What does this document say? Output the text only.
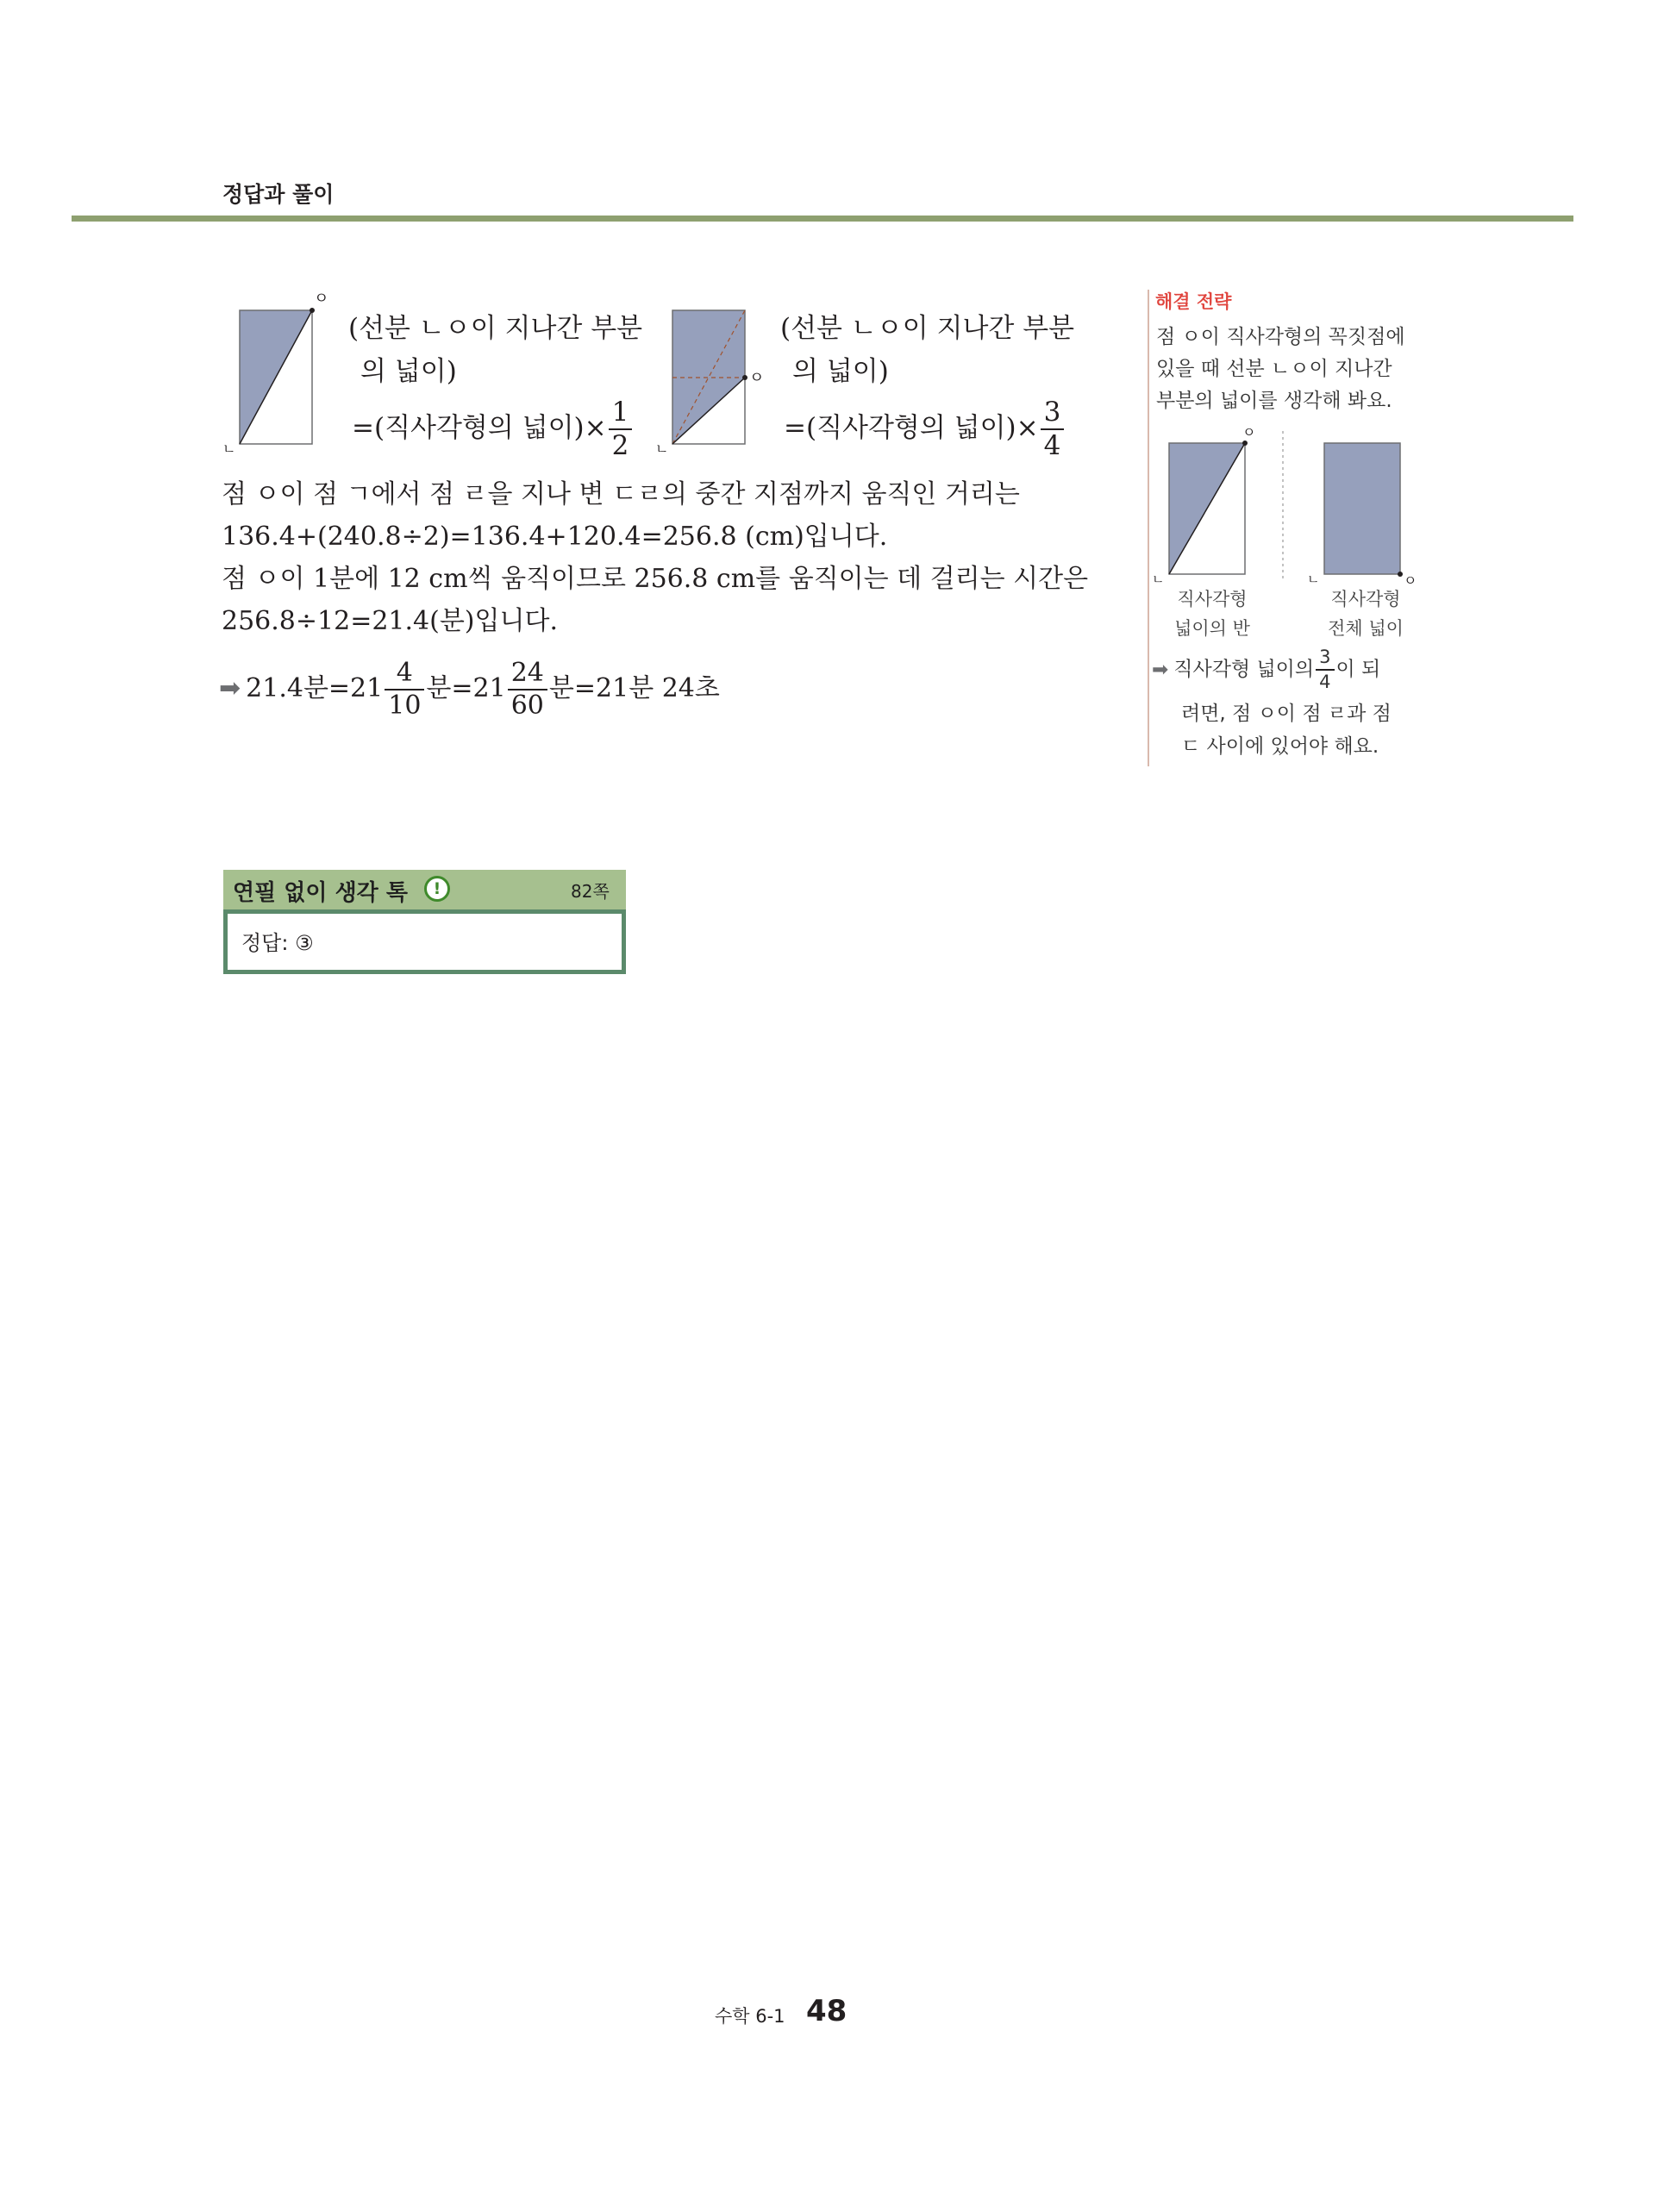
정답과 풀이
ㅇ
ㄴ
(선분 ㄴㅇ이 지나간 부분
의 넓이)
=(직사각형의 넓이)× $\frac{1}{2}$
ㅇ
ㄴ
(선분 ㄴㅇ이 지나간 부분
의 넓이)
=(직사각형의 넓이)× $\frac{3}{4}$
점 ㅇ이 점 ㄱ에서 점 ㄹ을 지나 변 ㄷㄹ의 중간 지점까지 움직인 거리는
136.4+(240.8÷2)=136.4+120.4=256.8 (cm)입니다.
점 ㅇ이 1분에 12 cm씩 움직이므로 256.8 cm를 움직이는 데 걸리는 시간은
256.8÷12=21.4(분)입니다.
➡ 21.4분$=21 \frac{4}{10}$ 분$=21 \frac{24}{60}$ 분=21분 24초
해결 전략
점 ㅇ이 직사각형의 꼭짓점에
있을 때 선분 ㄴㅇ이 지나간
부분의 넓이를 생각해 봐요.
ㅇ
ㄴ	ㅇ
ㄴ
직사각형
넓이의 반
직사각형
전체 넓이
➡ 직사각형 넓이의 $\frac{3}{4}$ 이 되
려면, 점 ㅇ이 점 ㄹ과 점
ㄷ 사이에 있어야 해요.
연필 없이 생각 톡	!	82쪽
정답: ③
수학 6-1 48
